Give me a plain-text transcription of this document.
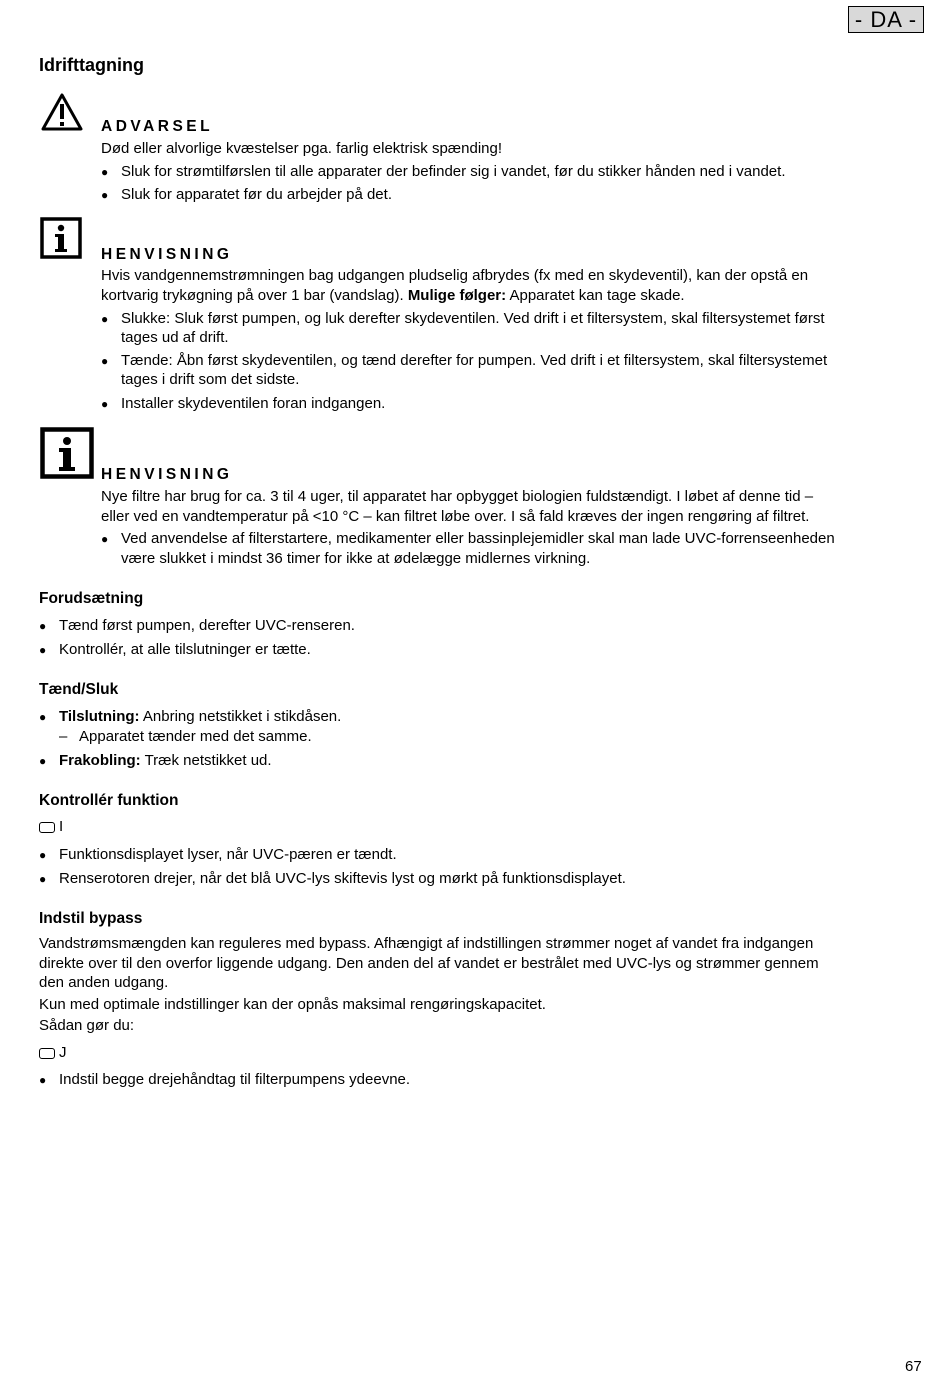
- DA -
Idrifttagning
ADVARSEL
Død eller alvorlige kvæstelser pga. farlig elektrisk spænding!
● Sluk for strømtilførslen til alle apparater der befinder sig i vandet, før du stikker hånden ned i vandet.
● Sluk for apparatet før du arbejder på det.
HENVISNING
Hvis vandgennemstrømningen bag udgangen pludselig afbrydes (fx med en skydeventil), kan der opstå en
kortvarig trykøgning på over 1 bar (vandslag). Mulige følger: Apparatet kan tage skade.
● Slukke: Sluk først pumpen, og luk derefter skydeventilen. Ved drift i et filtersystem, skal filtersystemet først
tages ud af drift.
● Tænde: Åbn først skydeventilen, og tænd derefter for pumpen. Ved drift i et filtersystem, skal filtersystemet
tages i drift som det sidste.
● Installer skydeventilen foran indgangen.
HENVISNING
Nye filtre har brug for ca. 3 til 4 uger, til apparatet har opbygget biologien fuldstændigt. I løbet af denne tid –
eller ved en vandtemperatur på <10 °C – kan filtret løbe over. I så fald kræves der ingen rengøring af filtret.
● Ved anvendelse af filterstartere, medikamenter eller bassinplejemidler skal man lade UVC-forrenseenheden
være slukket i mindst 36 timer for ikke at ødelægge midlernes virkning.
Forudsætning
● Tænd først pumpen, derefter UVC-renseren.
● Kontrollér, at alle tilslutninger er tætte.
Tænd/Sluk
● Tilslutning: Anbring netstikket i stikdåsen.
– Apparatet tænder med det samme.
● Frakobling: Træk netstikket ud.
Kontrollér funktion
I
● Funktionsdisplayet lyser, når UVC-pæren er tændt.
● Renserotoren drejer, når det blå UVC-lys skiftevis lyst og mørkt på funktionsdisplayet.
Indstil bypass
Vandstrømsmængden kan reguleres med bypass. Afhængigt af indstillingen strømmer noget af vandet fra indgangen
direkte over til den overfor liggende udgang. Den anden del af vandet er bestrålet med UVC-lys og strømmer gennem
den anden udgang.
Kun med optimale indstillinger kan der opnås maksimal rengøringskapacitet.
Sådan gør du:
J
● Indstil begge drejehåndtag til filterpumpens ydeevne.
67
